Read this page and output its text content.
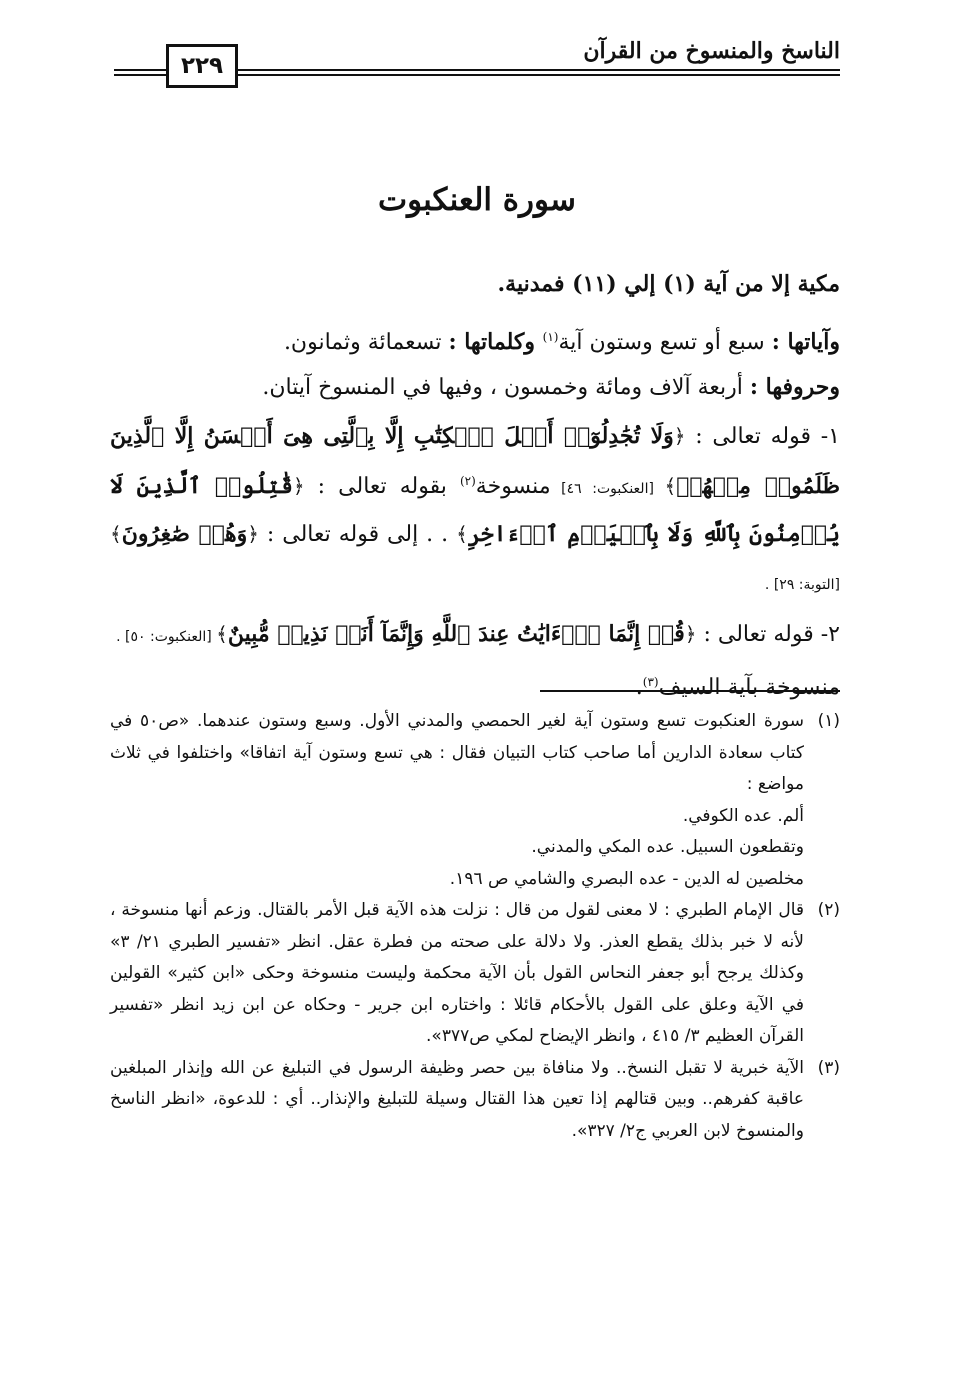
الناسخ والمنسوخ من القرآن
٢٢٩
سورة العنكبوت

مكية إلا من آية (١) إلي (١١) فمدنية.

وآياتها : سبع أو تسع وستون آية$^{(١)}$ وكلماتها : تسعمائة وثمانون.

وحروفها : أربعة آلاف ومائة وخمسون ، وفيها في المنسوخ آيتان.

١- قوله تعالى : ﴿وَلَا تُجَٰدِلُوٓا۟ أَهۡلَ ٱلۡكِتَٰبِ إِلَّا بِٱلَّتِى هِىَ أَحۡسَنُ إِلَّا ٱلَّذِينَ ظَلَمُوا۟ مِنۡهُمۡ﴾ [العنكبوت: ٤٦] منسوخة$^{(٢)}$ بقوله تعالى : ﴿قَٰتِلُوا۟ ٱلَّذِينَ لَا يُؤۡمِنُونَ بِٱللَّهِ وَلَا بِٱلۡيَوۡمِ ٱلۡءَاخِرِ﴾ . . إلى قوله تعالى : ﴿وَهُمۡ صَٰغِرُونَ﴾ [التوبة: ٢٩] .

٢- قوله تعالى : ﴿قُلۡ إِنَّمَا ٱلۡءَايَٰتُ عِندَ ٱللَّهِ وَإِنَّمَآ أَنَا۠ نَذِيرٞ مُّبِينٌ﴾ [العنكبوت: ٥٠] .
منسوخة بآية السيف$^{(٣)}$.

(١)

سورة العنكبوت تسع وستون آية لغير الحمصي والمدني الأول. وسبع وستون عندهما. «ص٥٠ في كتاب سعادة الدارين أما صاحب كتاب التبيان فقال : هي تسع وستون آية اتفاقا» واختلفوا في ثلاث مواضع :

ألم. عده الكوفي.

وتقطعون السبيل. عده المكي والمدني.

مخلصين له الدين - عده البصري والشامي ص ١٩٦.

(٢)

قال الإمام الطبري : لا معنى لقول من قال : نزلت هذه الآية قبل الأمر بالقتال. وزعم أنها منسوخة ، لأنه لا خبر بذلك يقطع العذر. ولا دلالة على صحته من فطرة عقل. انظر «تفسير الطبري ٢١/ ٣» وكذلك يرجح أبو جعفر النحاس القول بأن الآية محكمة وليست منسوخة وحكى «ابن كثير» القولين في الآية وعلق على القول بالأحكام قائلا : واختاره ابن جرير - وحكاه عن ابن زيد انظر «تفسير القرآن العظيم ٣/ ٤١٥ ، وانظر الإيضاح لمكي ص٣٧٧».

(٣)

الآية خبرية لا تقبل النسخ.. ولا منافاة بين حصر وظيفة الرسول في التبليغ عن الله وإنذار المبلغين عاقبة كفرهم.. وبين قتالهم إذا تعين هذا القتال وسيلة للتبليغ والإنذار.. أي : للدعوة، «انظر الناسخ والمنسوخ لابن العربي ج٢/ ٣٢٧».
